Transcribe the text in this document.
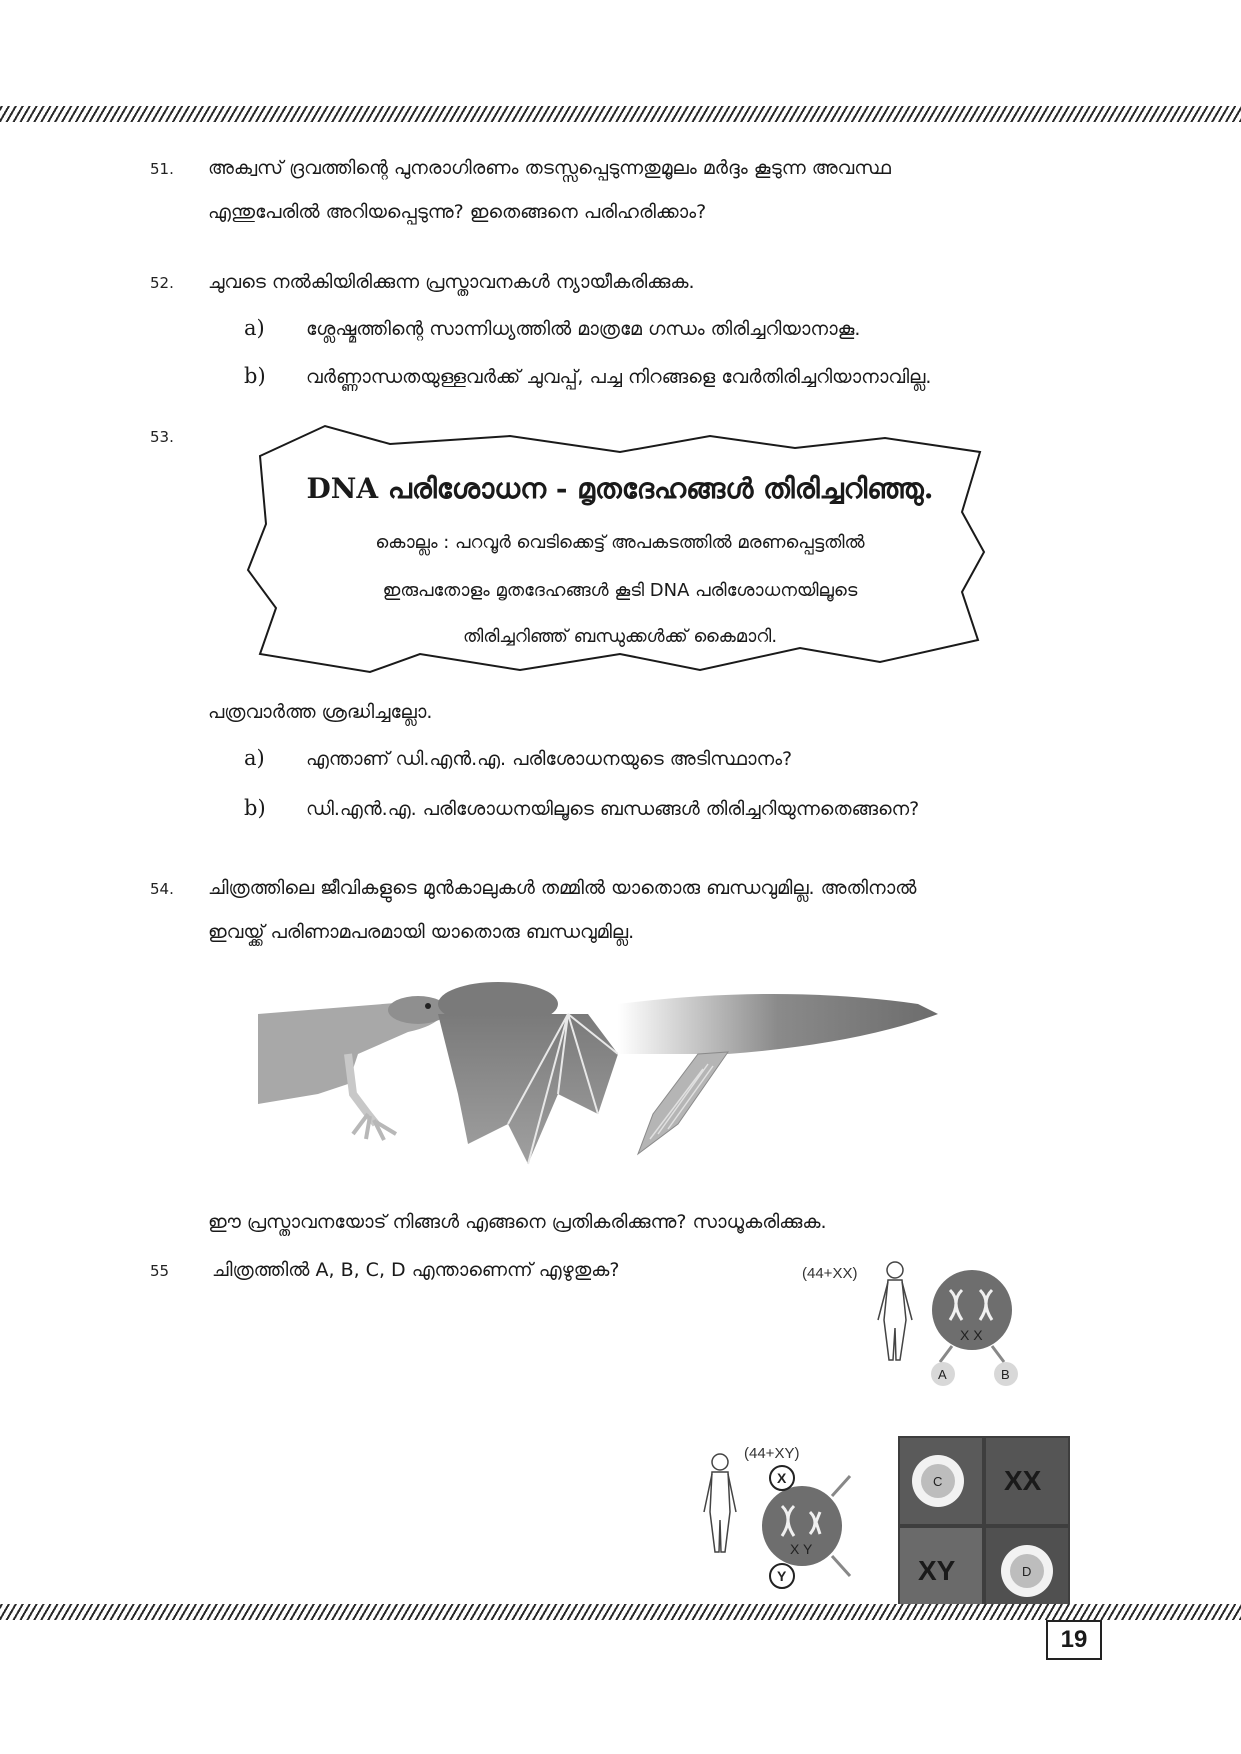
51. അക്വസ് ദ്രവത്തിന്റെ പുനരാഗിരണം തടസ്സപ്പെടുന്നതുമൂലം മർദ്ദം കൂടുന്ന അവസ്ഥ
എന്തുപേരിൽ അറിയപ്പെടുന്നു? ഇതെങ്ങനെ പരിഹരിക്കാം?
52. ചുവടെ നൽകിയിരിക്കുന്ന പ്രസ്താവനകൾ ന്യായീകരിക്കുക.
a) ശ്ലേഷ്മത്തിന്റെ സാന്നിധ്യത്തിൽ മാത്രമേ ഗന്ധം തിരിച്ചറിയാനാകൂ.
b) വർണ്ണാന്ധതയുള്ളവർക്ക് ചുവപ്പ്, പച്ച നിറങ്ങളെ വേർതിരിച്ചറിയാനാവില്ല.
53.
DNA പരിശോധന - മൃതദേഹങ്ങൾ തിരിച്ചറിഞ്ഞു.
കൊല്ലം : പറവൂർ വെടിക്കെട്ട് അപകടത്തിൽ മരണപ്പെട്ടതിൽ
ഇരുപതോളം മൃതദേഹങ്ങൾ കൂടി DNA പരിശോധനയിലൂടെ
തിരിച്ചറിഞ്ഞ് ബന്ധുക്കൾക്ക് കൈമാറി.
പത്രവാർത്ത ശ്രദ്ധിച്ചല്ലോ.
a) എന്താണ് ഡി.എൻ.എ. പരിശോധനയുടെ അടിസ്ഥാനം?
b) ഡി.എൻ.എ. പരിശോധനയിലൂടെ ബന്ധങ്ങൾ തിരിച്ചറിയുന്നതെങ്ങനെ?
54. ചിത്രത്തിലെ ജീവികളുടെ മുൻകാലുകൾ തമ്മിൽ യാതൊരു ബന്ധവുമില്ല. അതിനാൽ
ഇവയ്ക്ക് പരിണാമപരമായി യാതൊരു ബന്ധവുമില്ല.
ഈ പ്രസ്താവനയോട് നിങ്ങൾ എങ്ങനെ പ്രതികരിക്കുന്നു? സാധൂകരിക്കുക.
55 ചിത്രത്തിൽ A, B, C, D എന്താണെന്ന് എഴുതുക?	(44+XX)
X X
A	B
(44+XY)
X Y
X
Y
C XX
XY	D
19
